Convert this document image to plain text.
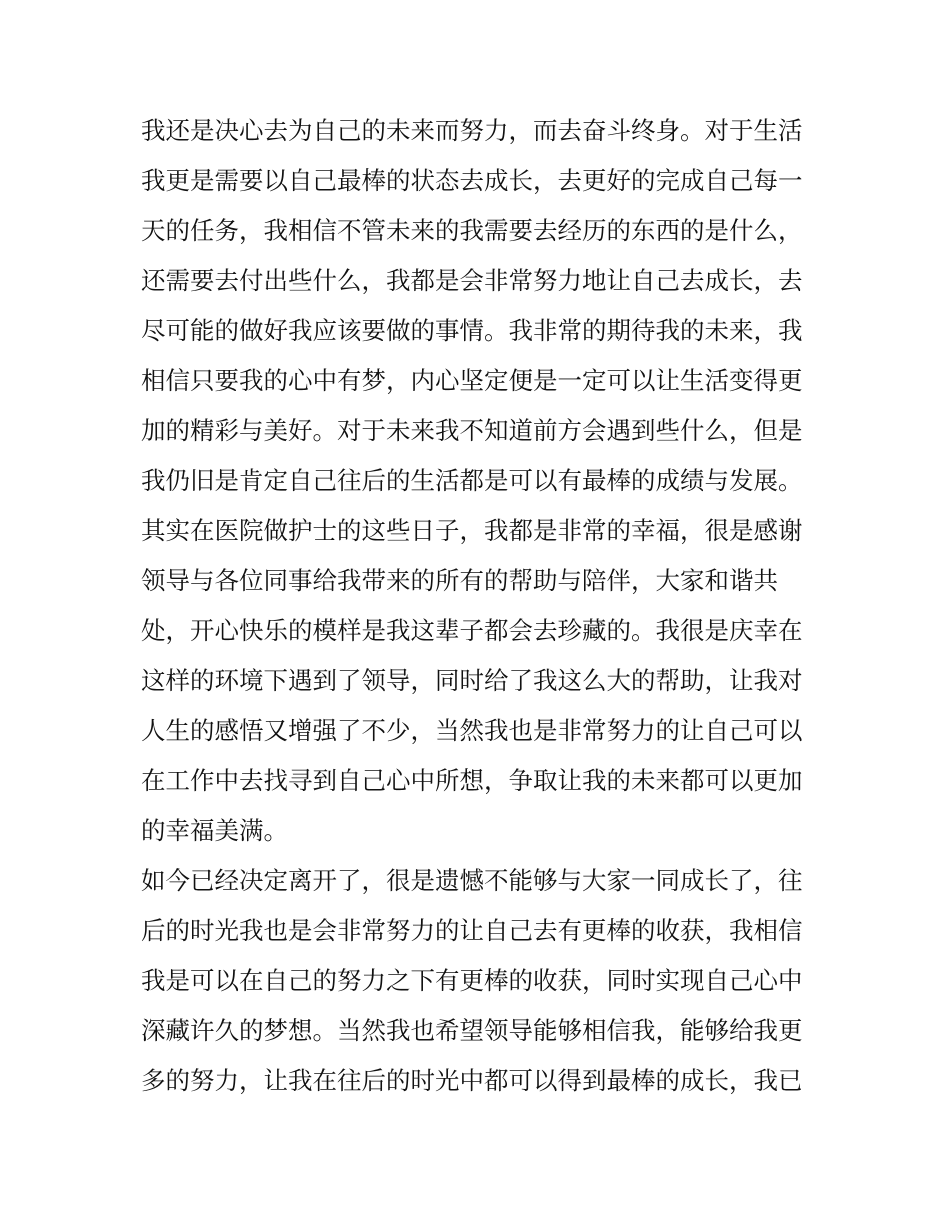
我还是决心去为自己的未来而努力，而去奋斗终身。对于生活

我更是需要以自己最棒的状态去成长，去更好的完成自己每一

天的任务，我相信不管未来的我需要去经历的东西的是什么，

还需要去付出些什么，我都是会非常努力地让自己去成长，去

尽可能的做好我应该要做的事情。我非常的期待我的未来，我

相信只要我的心中有梦，内心坚定便是一定可以让生活变得更

加的精彩与美好。对于未来我不知道前方会遇到些什么，但是

我仍旧是肯定自己往后的生活都是可以有最棒的成绩与发展。

其实在医院做护士的这些日子，我都是非常的幸福，很是感谢

领导与各位同事给我带来的所有的帮助与陪伴，大家和谐共

处，开心快乐的模样是我这辈子都会去珍藏的。我很是庆幸在

这样的环境下遇到了领导，同时给了我这么大的帮助，让我对

人生的感悟又增强了不少，当然我也是非常努力的让自己可以

在工作中去找寻到自己心中所想，争取让我的未来都可以更加

的幸福美满。

如今已经决定离开了，很是遗憾不能够与大家一同成长了，往

后的时光我也是会非常努力的让自己去有更棒的收获，我相信

我是可以在自己的努力之下有更棒的收获，同时实现自己心中

深藏许久的梦想。当然我也希望领导能够相信我，能够给我更

多的努力，让我在往后的时光中都可以得到最棒的成长，我已
